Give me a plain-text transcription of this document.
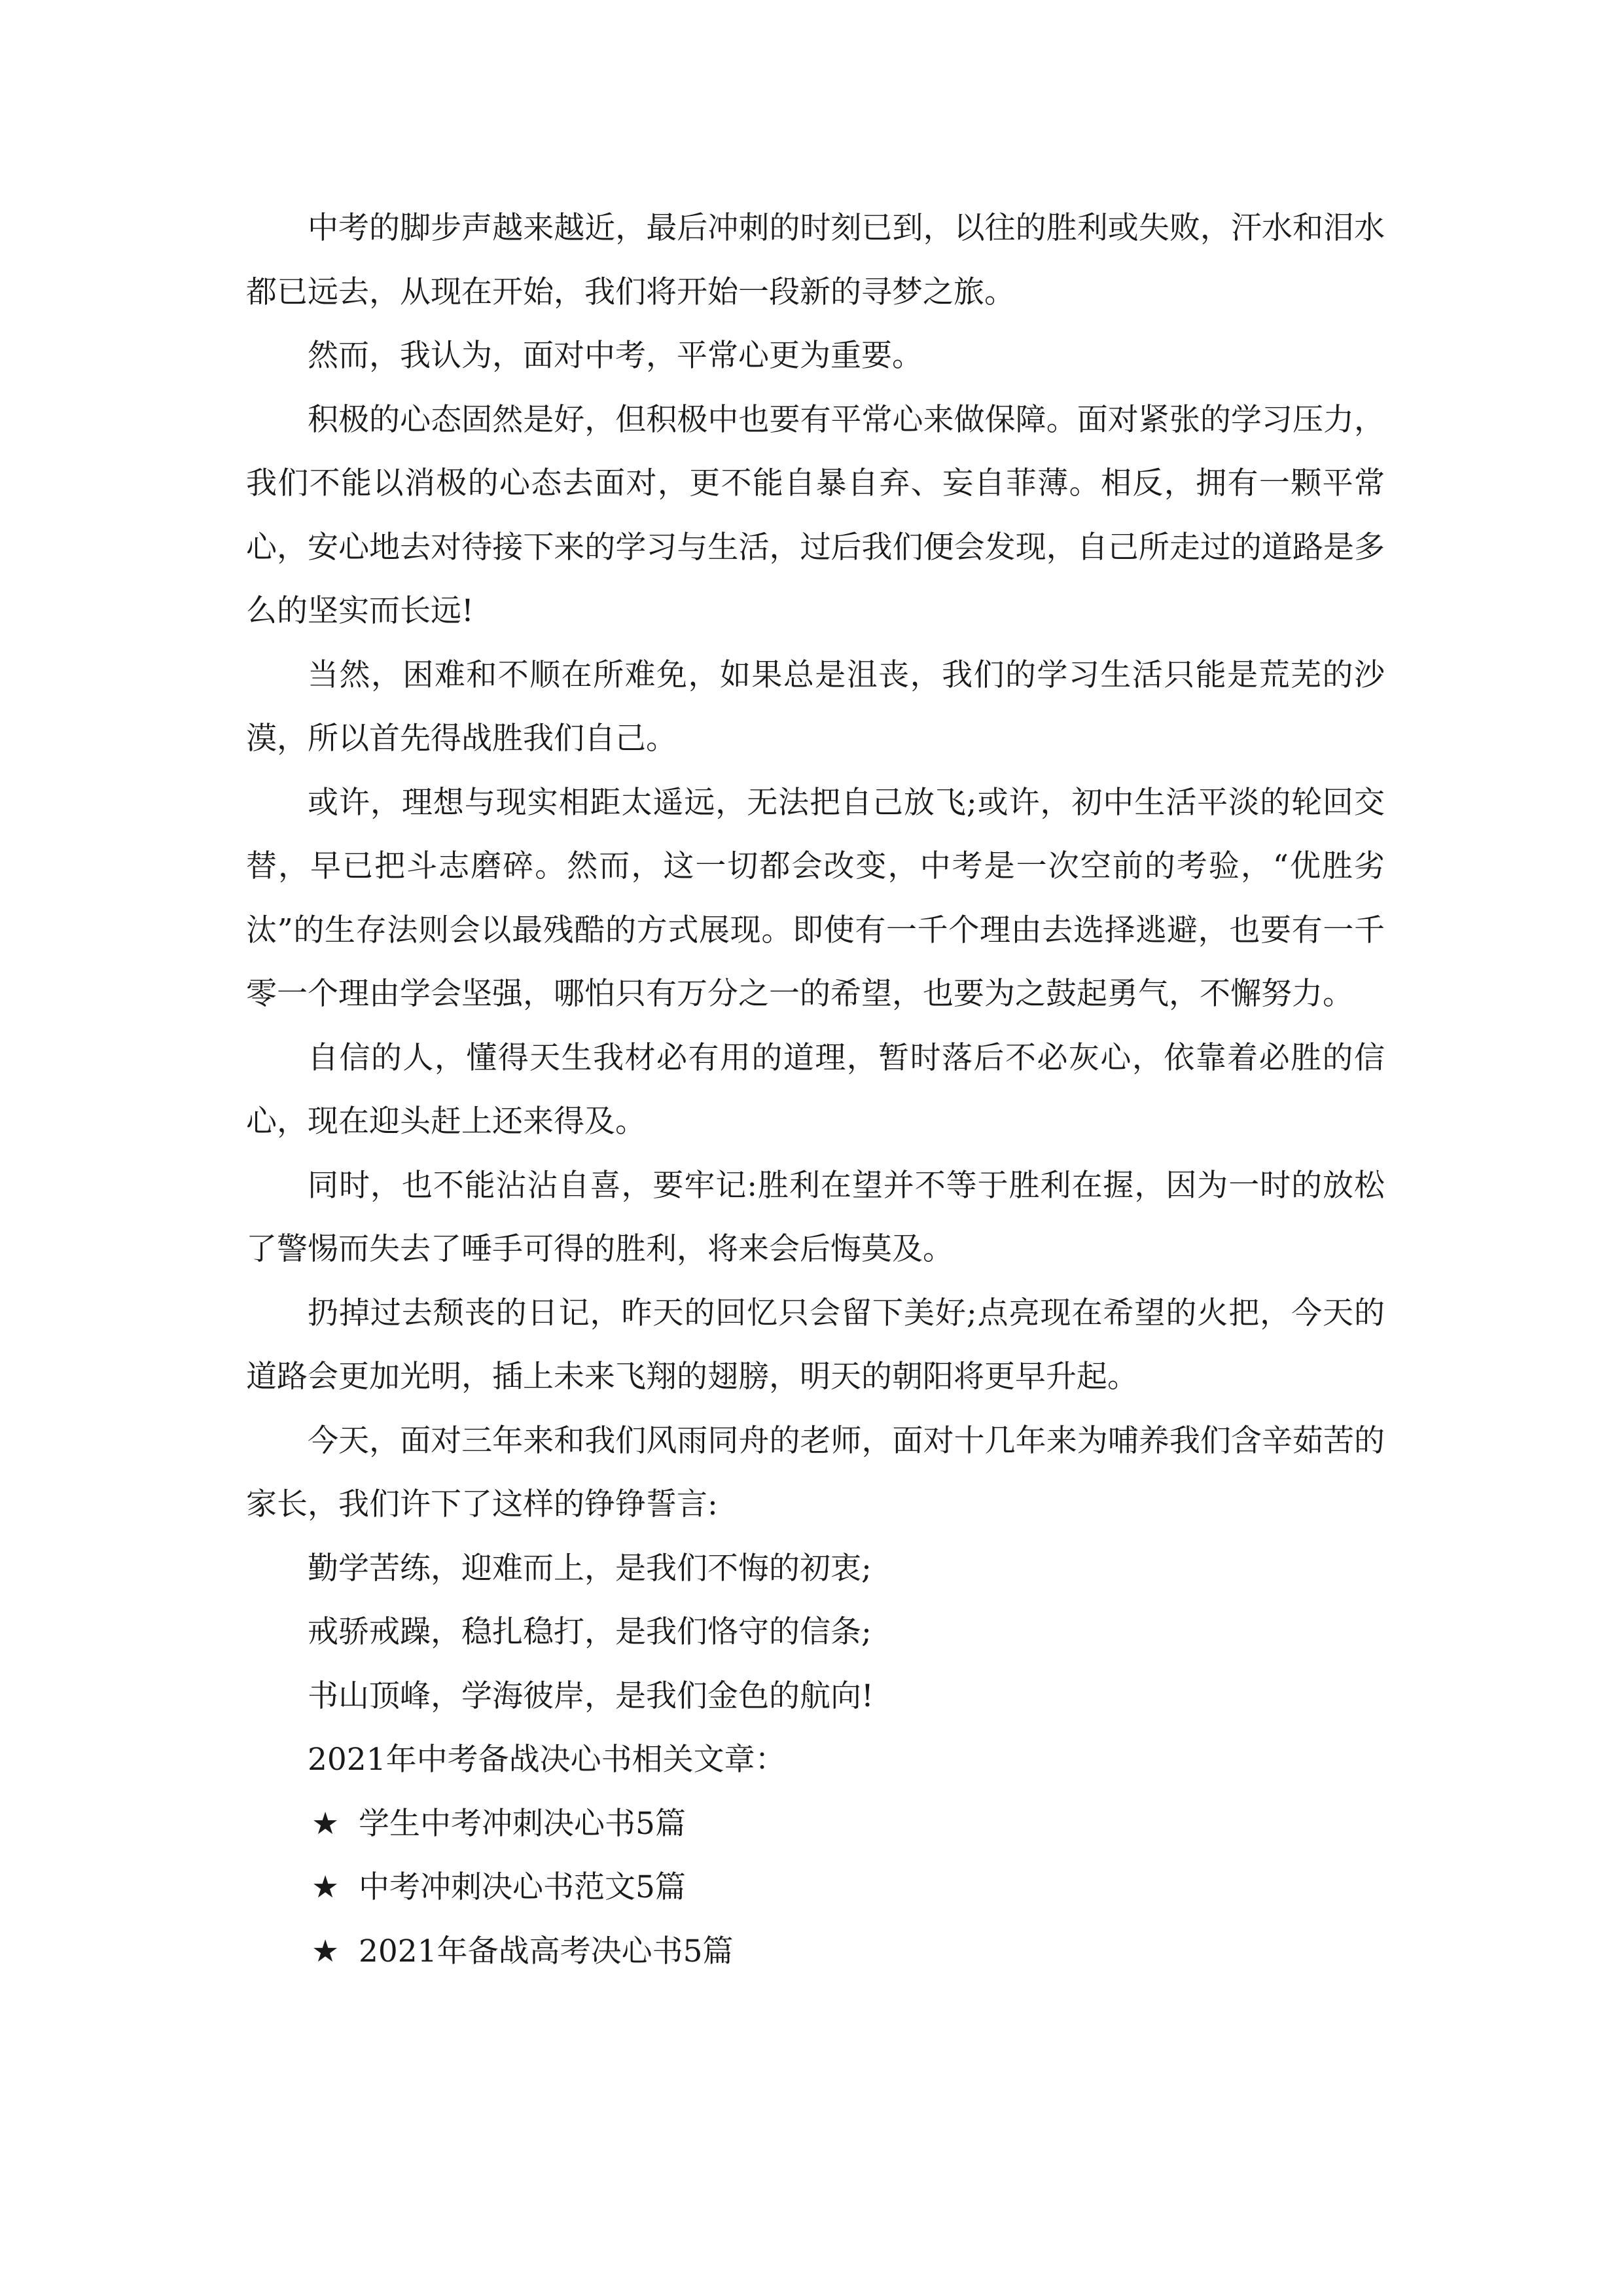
中考的脚步声越来越近，最后冲刺的时刻已到，以往的胜利或失败，汗水和泪水都已远去，从现在开始，我们将开始一段新的寻梦之旅。

然而，我认为，面对中考，平常心更为重要。

积极的心态固然是好，但积极中也要有平常心来做保障。面对紧张的学习压力，我们不能以消极的心态去面对，更不能自暴自弃、妄自菲薄。相反，拥有一颗平常心，安心地去对待接下来的学习与生活，过后我们便会发现，自己所走过的道路是多么的坚实而长远!

当然，困难和不顺在所难免，如果总是沮丧，我们的学习生活只能是荒芜的沙漠，所以首先得战胜我们自己。

或许，理想与现实相距太遥远，无法把自己放飞;或许，初中生活平淡的轮回交替，早已把斗志磨碎。然而，这一切都会改变，中考是一次空前的考验，“优胜劣汰”的生存法则会以最残酷的方式展现。即使有一千个理由去选择逃避，也要有一千零一个理由学会坚强，哪怕只有万分之一的希望，也要为之鼓起勇气，不懈努力。

自信的人，懂得天生我材必有用的道理，暂时落后不必灰心，依靠着必胜的信心，现在迎头赶上还来得及。

同时，也不能沾沾自喜，要牢记:胜利在望并不等于胜利在握，因为一时的放松了警惕而失去了唾手可得的胜利，将来会后悔莫及。

扔掉过去颓丧的日记，昨天的回忆只会留下美好;点亮现在希望的火把，今天的道路会更加光明，插上未来飞翔的翅膀，明天的朝阳将更早升起。

今天，面对三年来和我们风雨同舟的老师，面对十几年来为哺养我们含辛茹苦的家长，我们许下了这样的铮铮誓言:

勤学苦练，迎难而上，是我们不悔的初衷;

戒骄戒躁，稳扎稳打，是我们恪守的信条;

书山顶峰，学海彼岸，是我们金色的航向!

2021年中考备战决心书相关文章：

★ 学生中考冲刺决心书5篇
★ 中考冲刺决心书范文5篇
★ 2021年备战高考决心书5篇
